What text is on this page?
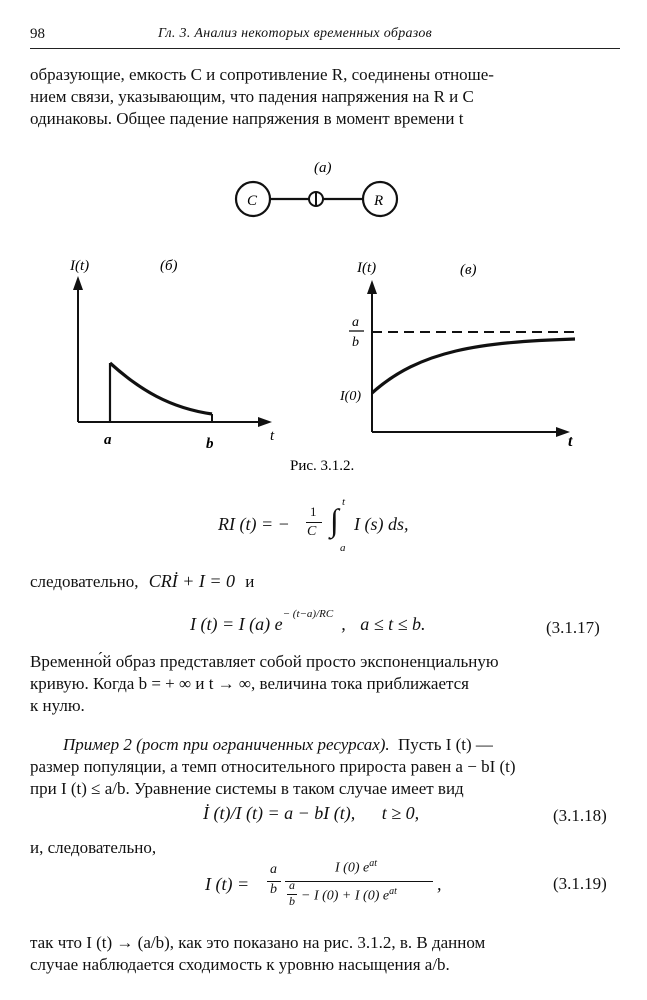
98	Гл. 3. Анализ некоторых временных образов
образующие, емкость C и сопротивление R, соединены отноше-
нием связи, указывающим, что падения напряжения на R и C
одинаковы. Общее падение напряжения в момент времени t
(a)
C	R
I(t)	(б)
t
a	b
I(t)	(в)
t
a
b
I(0)
Рис. 3.1.2.
RI (t) = −
1
C
t
∫
a
I (s) ds,
следовательно, CRİ + I = 0 и
I (t) = I (a) $e^{- (t-a)/RC}$ , a ≤ t ≤ b.	(3.1.17)
Временно́й образ представляет собой просто экспоненциальную
кривую. Когда b = + ∞ и t → ∞, величина тока приближается
к нулю.
Пример 2 (рост при ограниченных ресурсах). Пусть I (t) —
размер популяции, а темп относительного прироста равен a − bI (t)
при I (t) ≤ a/b. Уравнение системы в таком случае имеет вид
İ (t)/I (t) = a − bI (t), t ≥ 0,	(3.1.18)
и, следовательно,
I (t) =
a
b
I (0) $e^{at}$
a
b − I (0) + I (0) $e^{at}$ ,	(3.1.19)
так что I (t) → (a/b), как это показано на рис. 3.1.2, в. В данном
случае наблюдается сходимость к уровню насыщения a/b.
